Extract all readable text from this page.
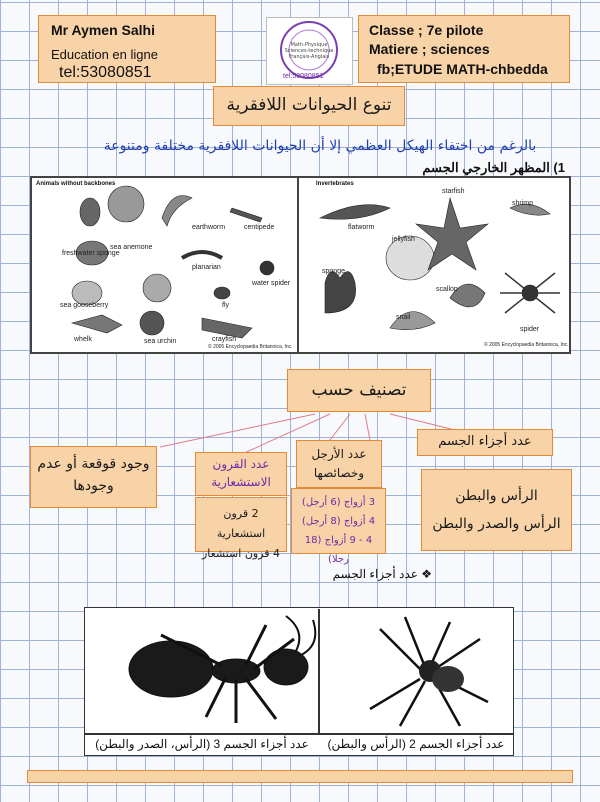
Mr Aymen Salhi
Education en ligne
tel:53080851
Math-Physique
Sciences-technique
Français-Anglais
tel:53080851
Classe ; 7e pilote
Matiere ; sciences
fb;ETUDE MATH-chbedda
تنوع الحيوانات اللافقرية
بالرغم من اختفاء الهيكل العظمي إلا أن الحيوانات اللافقرية مختلفة ومتنوعة
1) المظهر الخارجي الجسم
Animals without backbones
freshwater sponge
sea anemone
earthworm	centipede
planarian
sea gooseberry
water spider
fly
whelk	sea urchin	crayfish
© 2005 Encyclopaedia Britannica, Inc.
Invertebrates
flatworm
jellyfish
starfish
shrimp
sponge
scallop
snail
spider
© 2005 Encyclopaedia Britannica, Inc.
تصنيف حسب
وجود قوقعة أو عدم وجودها
عدد القرون الاستشعارية
2 قرون استشعارية
4 قرون استشعار
عدد الأرجل وخصائصها
3 أزواج (6 أرجل)
4 أزواج (8 أرجل)
4 - 9 أزواج (18 رجلا)
عدد أجزاء الجسم
الرأس والبطن
الرأس والصدر والبطن
❖ عدد أجزاء الجسم
عدد أجزاء الجسم 3 (الرأس، الصدر والبطن)	عدد أجزاء الجسم 2 (الرأس والبطن)
